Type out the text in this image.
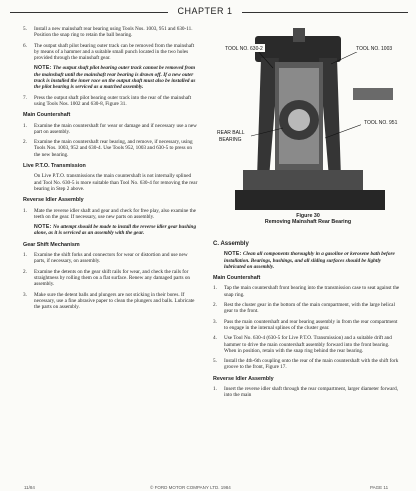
CHAPTER 1
5. Install a new mainshaft rear bearing using Tools Nos. 1003, 951 and 630-11. Position the snap ring to retain the ball bearing.
6. The output shaft pilot bearing outer track can be removed from the mainshaft by means of a hammer and a suitable small punch located in the two holes provided through the mainshaft gear.
NOTE: The output shaft pilot bearing outer track cannot be removed from the mainshaft until the mainshaft rear bearing is drawn off. If a new outer track is installed the inner race on the output shaft must also be installed as the pilot bearing is serviced as a matched assembly.
7. Press the output shaft pilot bearing outer track into the rear of the mainshaft using Tools Nos. 1002 and 630-8, Figure 31.
Main Countershaft
1. Examine the main countershaft for wear or damage and if necessary use a new part on assembly.
2. Examine the main countershaft rear bearing, and remove, if necessary, using Tools Nos. 1003, 952 and 630-4. Use Tools 952, 1003 and 630-5 to press on the new bearing.
Live P.T.O. Transmission
On Live P.T.O. transmissions the main countershaft is not internally splined and Tool No. 630-5 is more suitable than Tool No. 630-4 for removing the rear bearing in Step 2 above.
Reverse Idler Assembly
1. Mate the reverse idler shaft and gear and check for free play, also examine the teeth on the gear. If necessary, use new parts on assembly.
NOTE: No attempt should be made to install the reverse idler gear bushing alone, as it is serviced as an assembly with the gear.
Gear Shift Mechanism
1. Examine the shift forks and connectors for wear or distortion and use new parts, if necessary, on assembly.
2. Examine the detents on the gear shift rails for wear, and check the rails for straightness by rolling them on a flat surface. Renew any damaged parts on assembly.
3. Make sure the detent balls and plungers are not sticking in their bores. If necessary, use a fine abrasive paper to clean the plungers and balls. Lubricate the parts on assembly.
TOOL NO. 630-2	TOOL NO. 1003
REAR BALL
BEARING
TOOL NO. 951
Figure 30
Removing Mainshaft Rear Bearing
C. Assembly
NOTE: Clean all components thoroughly in a gasoline or kerosene bath before installation. Bearings, bushings, and all sliding surfaces should be lightly lubricated on assembly.
Main Countershaft
1. Tap the main countershaft front bearing into the transmission case to seat against the snap ring.
2. Rest the cluster gear in the bottom of the main compartment, with the large helical gear to the front.
3. Pass the main countershaft and rear bearing assembly in from the rear compartment to engage in the internal splines of the cluster gear.
4. Use Tool No. 630-4 (630-5 for Live P.T.O. Transmission) and a suitable drift and hammer to drive the main countershaft assembly forward into the front bearing. When in position, retain with the snap ring behind the rear bearing.
5. Install the 4th-6th coupling onto the rear of the main countershaft with the shift fork groove to the front, Figure 17.
Reverse Idler Assembly
1. Insert the reverse idler shaft through the rear compartment, larger diameter forward, into the main
11/84	© FORD MOTOR COMPANY LTD. 1984	PAGE 11
